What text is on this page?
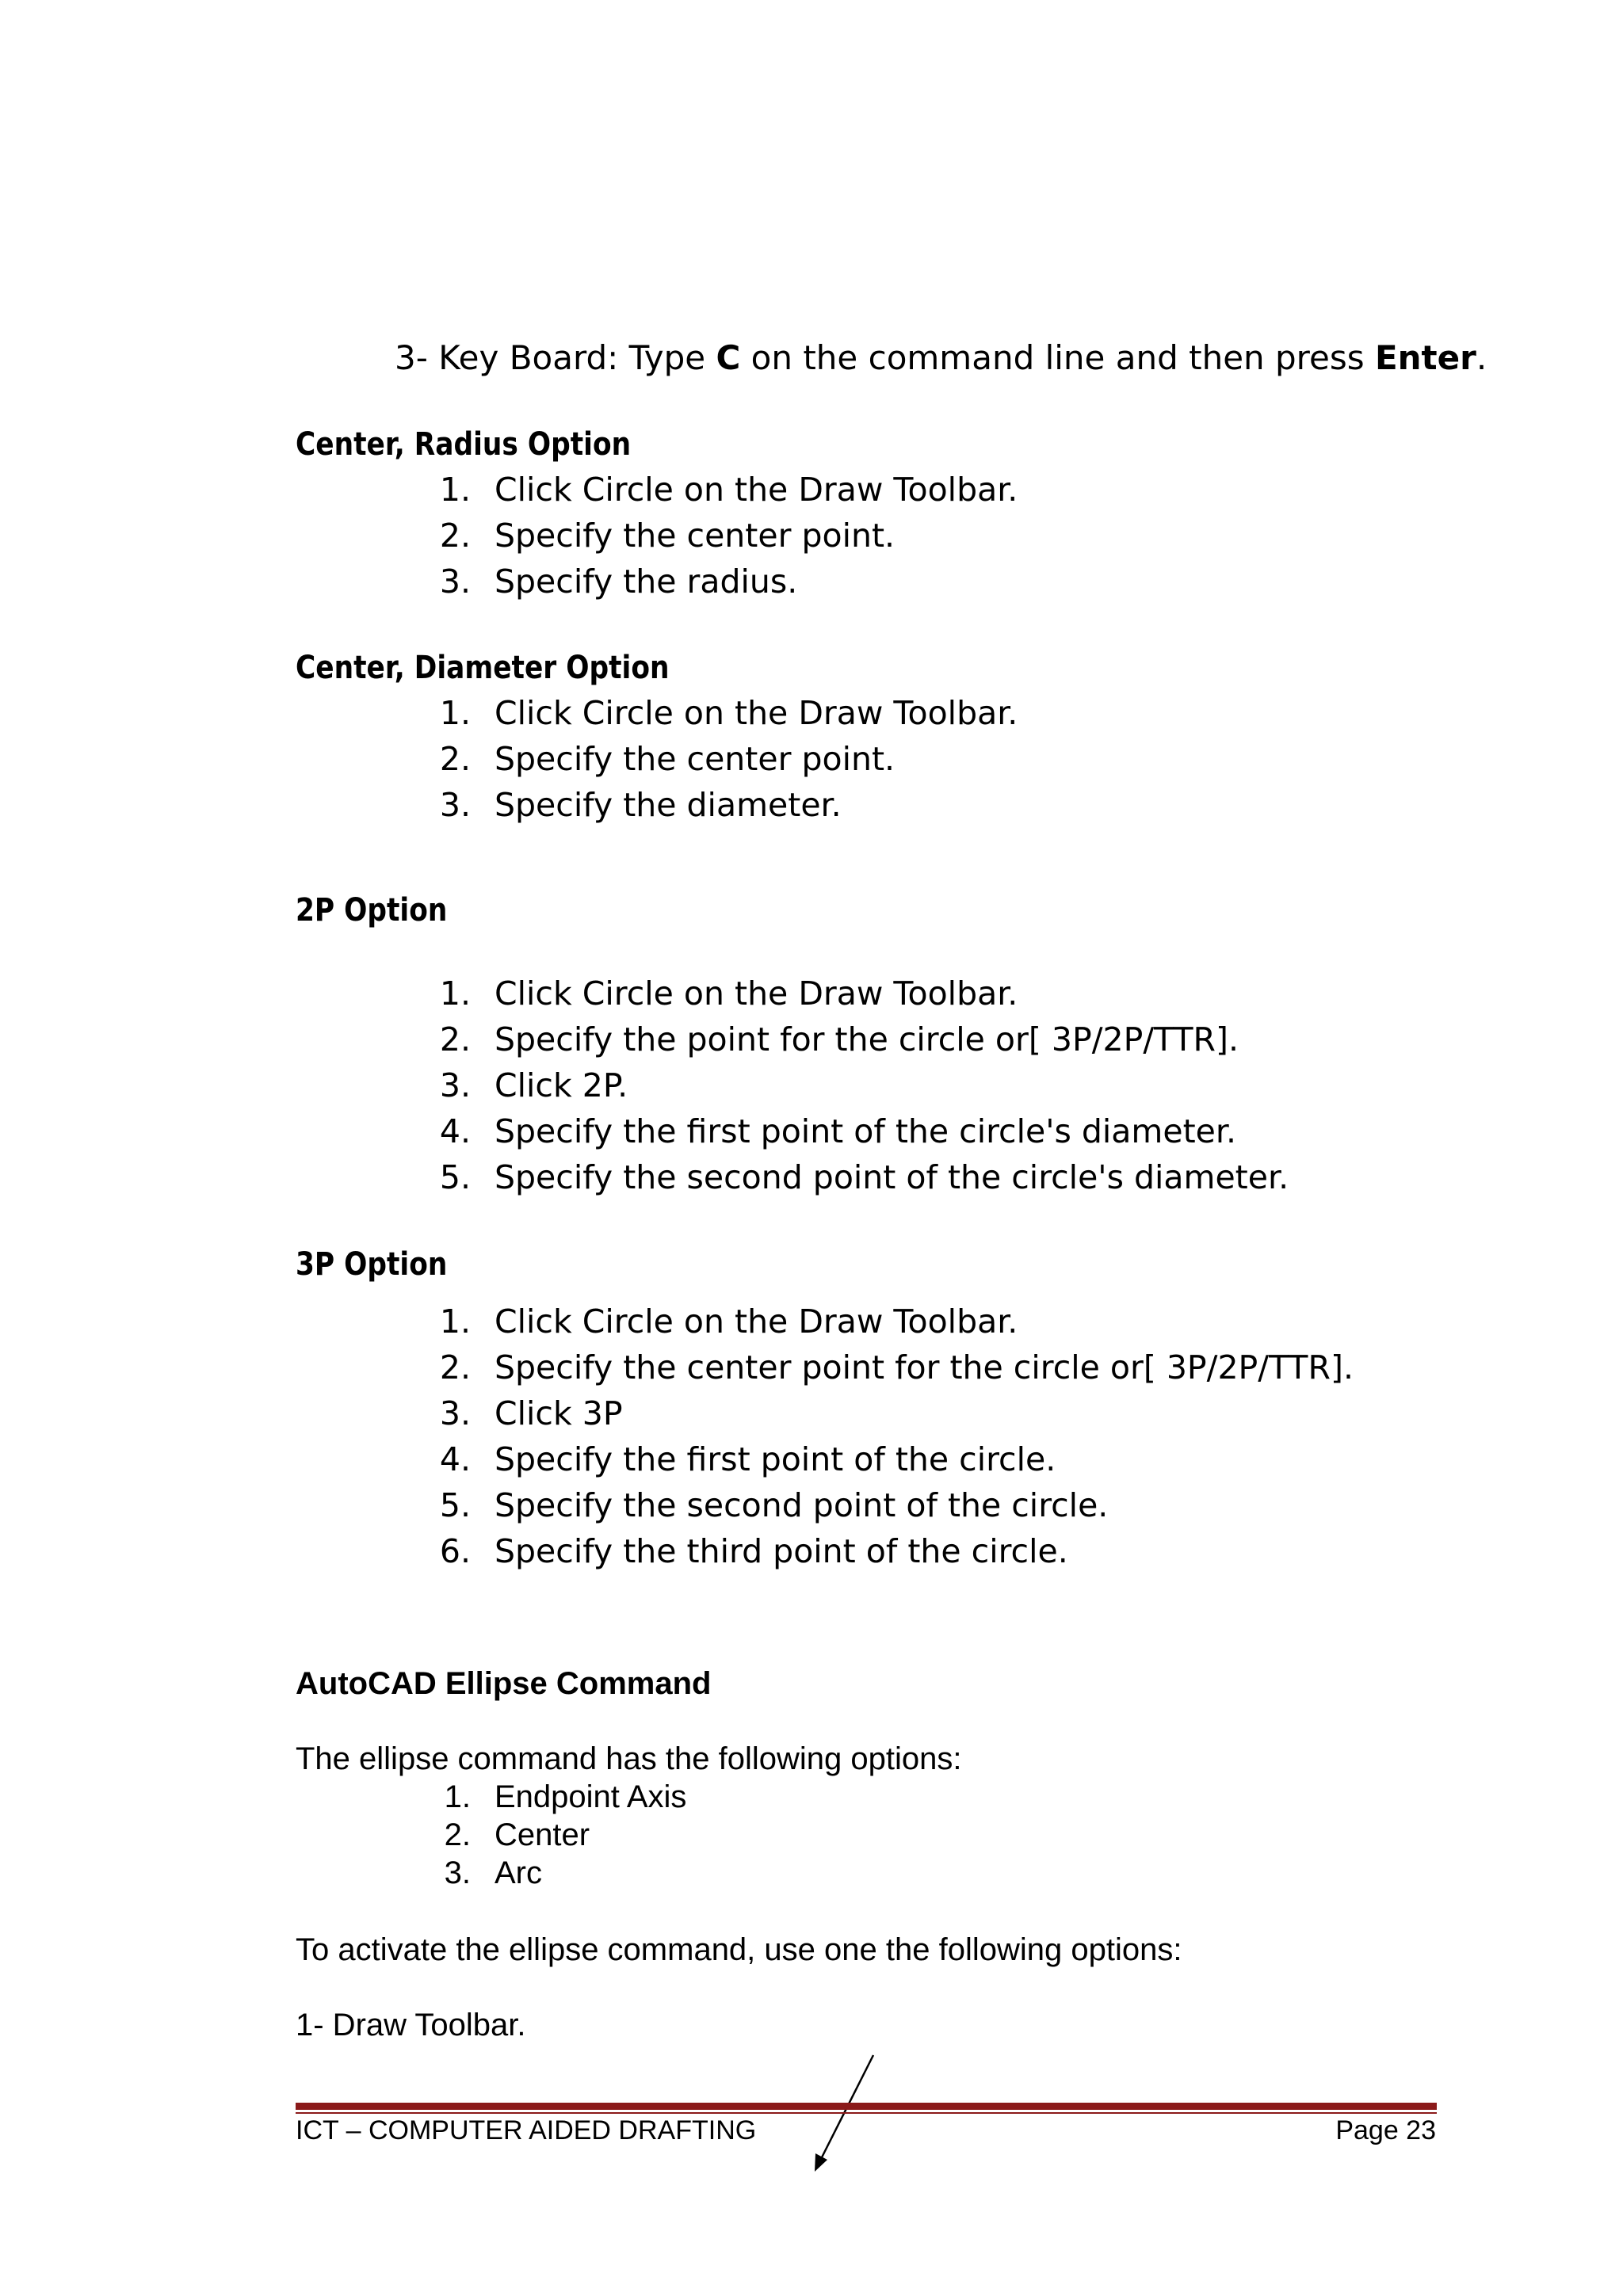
3- Key Board: Type C on the command line and then press Enter.
Center, Radius Option
1. Click Circle on the Draw Toolbar.
2. Specify the center point.
3. Specify the radius.
Center, Diameter Option
1. Click Circle on the Draw Toolbar.
2. Specify the center point.
3. Specify the diameter.
2P Option
1. Click Circle on the Draw Toolbar.
2. Specify the point for the circle or[ 3P/2P/TTR].
3. Click 2P.
4. Specify the first point of the circle's diameter.
5. Specify the second point of the circle's diameter.
3P Option
1. Click Circle on the Draw Toolbar.
2. Specify the center point for the circle or[ 3P/2P/TTR].
3. Click 3P
4. Specify the first point of the circle.
5. Specify the second point of the circle.
6. Specify the third point of the circle.
AutoCAD Ellipse Command
The ellipse command has the following options:
1. Endpoint Axis
2. Center
3. Arc
To activate the ellipse command, use one the following options:
1- Draw Toolbar.
ICT – COMPUTER AIDED DRAFTING	Page 23
